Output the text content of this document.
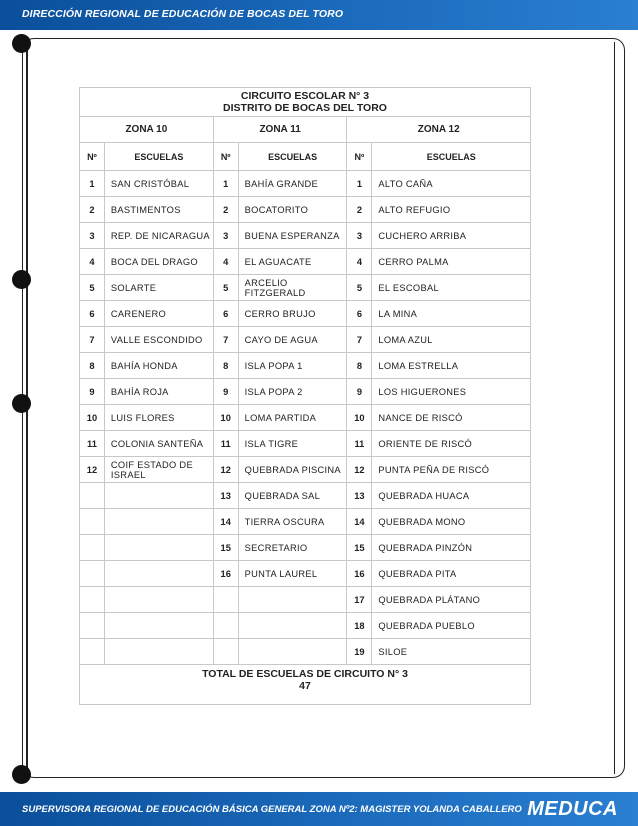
DIRECCIÓN REGIONAL DE EDUCACIÓN DE BOCAS DEL TORO
CIRCUITO ESCOLAR N° 3
DISTRITO DE BOCAS DEL TORO					

ZONA 10		ZONA 11		ZONA 12	
Nº	ESCUELAS	Nº	ESCUELAS	Nº	ESCUELAS
1	SAN CRISTÓBAL	1	BAHÍA GRANDE	1	ALTO CAÑA
2	BASTIMENTOS	2	BOCATORITO	2	ALTO REFUGIO
3	REP. DE NICARAGUA	3	BUENA ESPERANZA	3	CUCHERO ARRIBA
4	BOCA DEL DRAGO	4	EL AGUACATE	4	CERRO PALMA
5	SOLARTE	5	ARCELIO FITZGERALD	5	EL ESCOBAL
6	CARENERO	6	CERRO BRUJO	6	LA MINA
7	VALLE ESCONDIDO	7	CAYO DE AGUA	7	LOMA AZUL
8	BAHÍA HONDA	8	ISLA POPA 1	8	LOMA ESTRELLA
9	BAHÍA ROJA	9	ISLA POPA 2	9	LOS HIGUERONES
10	LUIS FLORES	10	LOMA PARTIDA	10	NANCE DE RISCÓ
11	COLONIA SANTEÑA	11	ISLA TIGRE	11	ORIENTE DE RISCÓ
12	COIF ESTADO DE ISRAEL	12	QUEBRADA PISCINA	12	PUNTA PEÑA DE RISCÓ
		13	QUEBRADA SAL	13	QUEBRADA HUACA
		14	TIERRA OSCURA	14	QUEBRADA MONO
		15	SECRETARIO	15	QUEBRADA PINZÓN
		16	PUNTA LAUREL	16	QUEBRADA PITA
				17	QUEBRADA PLÁTANO
				18	QUEBRADA PUEBLO
				19	SILOE

TOTAL DE ESCUELAS DE CIRCUITO N° 3
47					
SUPERVISORA REGIONAL DE EDUCACIÓN BÁSICA GENERAL ZONA Nº2: MAGISTER YOLANDA CABALLERO MEDUCA
